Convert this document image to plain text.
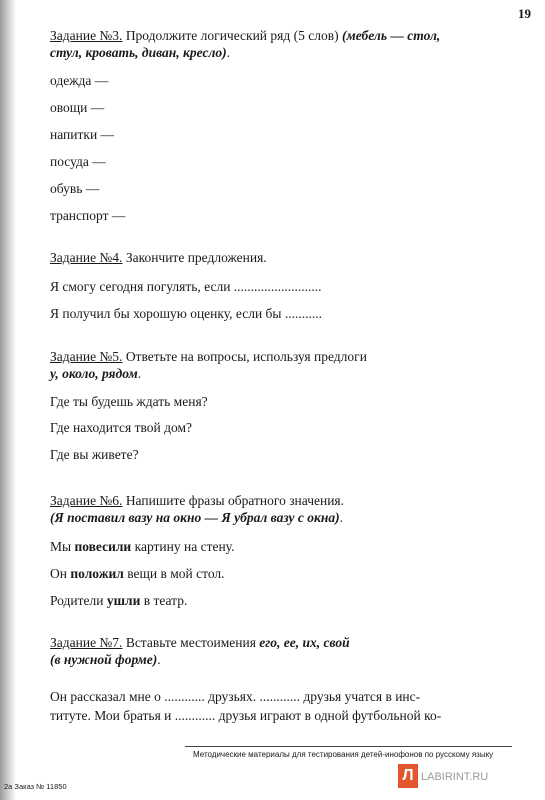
19

Задание №3. Продолжите логический ряд (5 слов) (мебель — стол,
стул, кровать, диван, кресло).

одежда —

овощи —

напитки —

посуда —

обувь —

транспорт —

Задание №4. Закончите предложения.

Я смогу сегодня погулять, если ..........................

Я получил бы хорошую оценку, если бы ...........

Задание №5. Ответьте на вопросы, используя предлоги
у, около, рядом.

Где ты будешь ждать меня?

Где находится твой дом?

Где вы живете?

Задание №6. Напишите фразы обратного значения.
(Я поставил вазу на окно — Я убрал вазу с окна).

Мы повесили картину на стену.

Он положил вещи в мой стол.

Родители ушли в театр.

Задание №7. Вставьте местоимения его, ее, их, свой
(в нужной форме).

Он рассказал мне о ............ друзьях. ............ друзья учатся в инс-
титуте. Мои братья и ............ друзья играют в одной футбольной ко-

Методические материалы для тестирования детей-инофонов по русскому языку
2a Заказ № 11850
Л LABIRINT.RU
